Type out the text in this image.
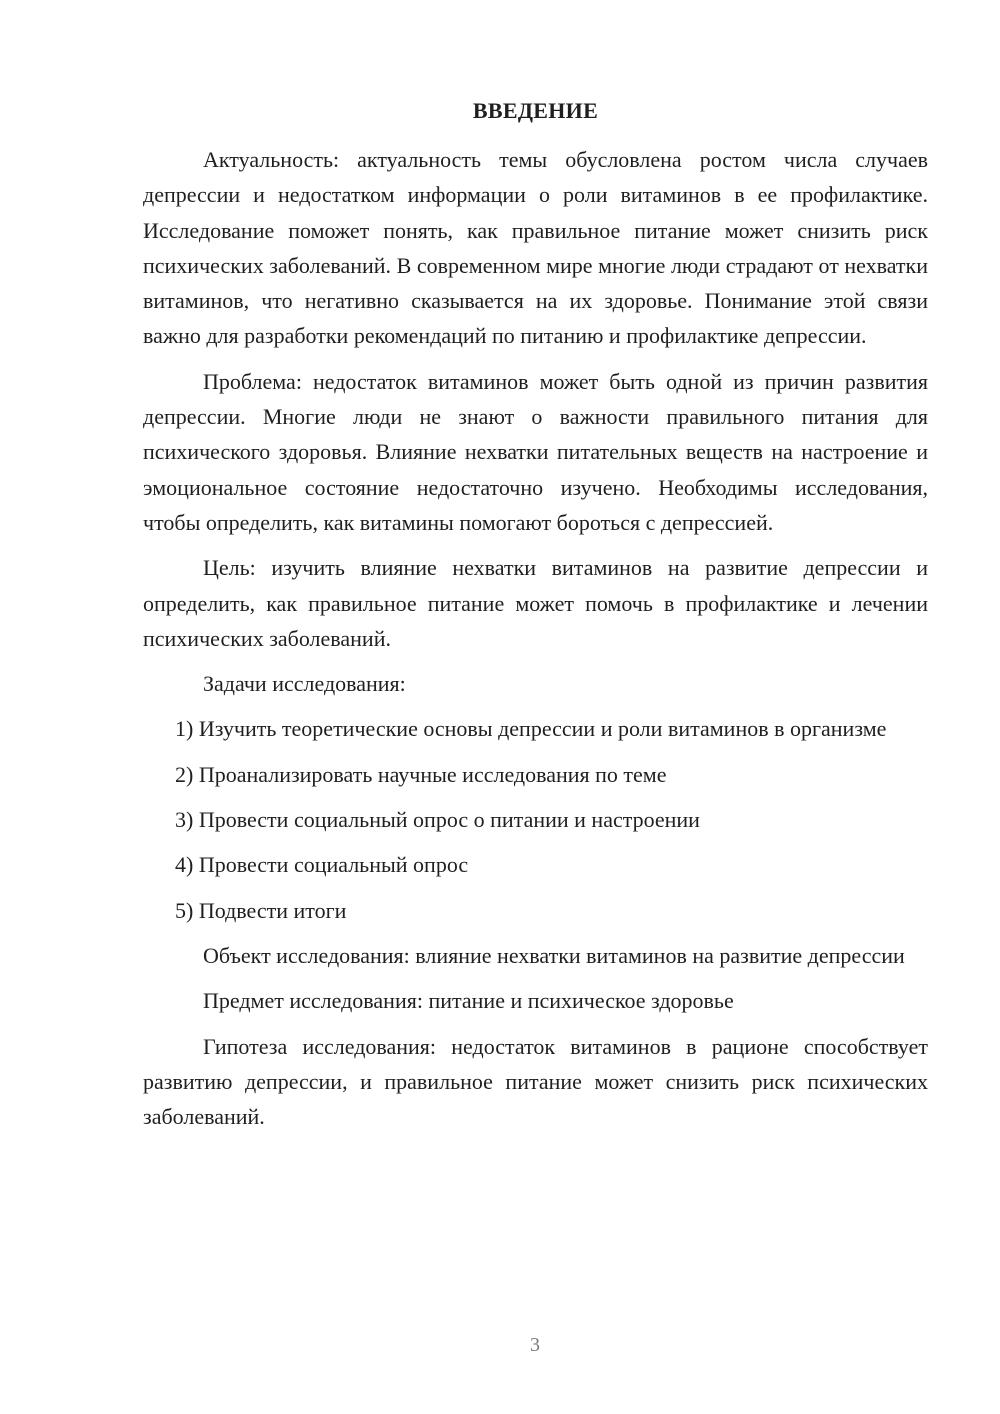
ВВЕДЕНИЕ

Актуальность: актуальность темы обусловлена ростом числа случаев депрессии и недостатком информации о роли витаминов в ее профилактике. Исследование поможет понять, как правильное питание может снизить риск психических заболеваний. В современном мире многие люди страдают от нехватки витаминов, что негативно сказывается на их здоровье. Понимание этой связи важно для разработки рекомендаций по питанию и профилактике депрессии.

Проблема: недостаток витаминов может быть одной из причин развития депрессии. Многие люди не знают о важности правильного питания для психического здоровья. Влияние нехватки питательных веществ на настроение и эмоциональное состояние недостаточно изучено. Необходимы исследования, чтобы определить, как витамины помогают бороться с депрессией.

Цель: изучить влияние нехватки витаминов на развитие депрессии и определить, как правильное питание может помочь в профилактике и лечении психических заболеваний.

Задачи исследования:

1) Изучить теоретические основы депрессии и роли витаминов в организме

2) Проанализировать научные исследования по теме

3) Провести социальный опрос о питании и настроении

4) Провести социальный опрос

5) Подвести итоги

Объект исследования: влияние нехватки витаминов на развитие депрессии

Предмет исследования: питание и психическое здоровье

Гипотеза исследования: недостаток витаминов в рационе способствует развитию депрессии, и правильное питание может снизить риск психических заболеваний.

3
